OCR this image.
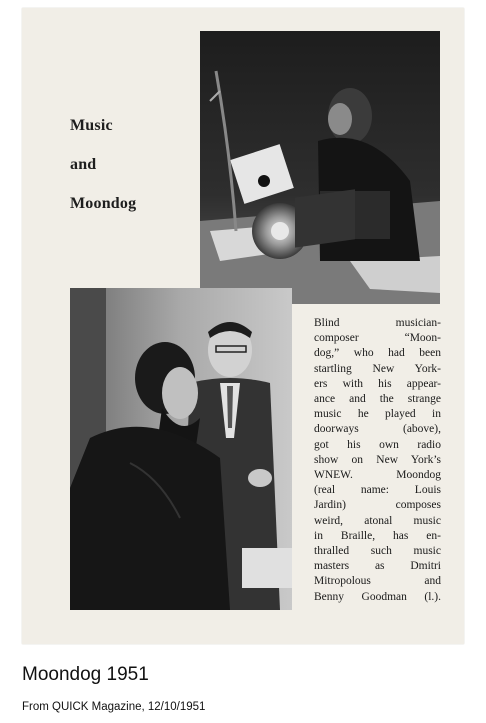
Music
and
Moondog
Blind musician-
composer “Moon-
dog,” who had been
startling New York-
ers with his appear-
ance and the strange
music he played in
doorways (above),
got his own radio
show on New York’s
WNEW. Moondog
(real name: Louis
Jardin) composes
weird, atonal music
in Braille, has en-
thralled such music
masters as Dmitri
Mitropolous and
Benny Goodman (l.).
Moondog 1951
From QUICK Magazine, 12/10/1951
